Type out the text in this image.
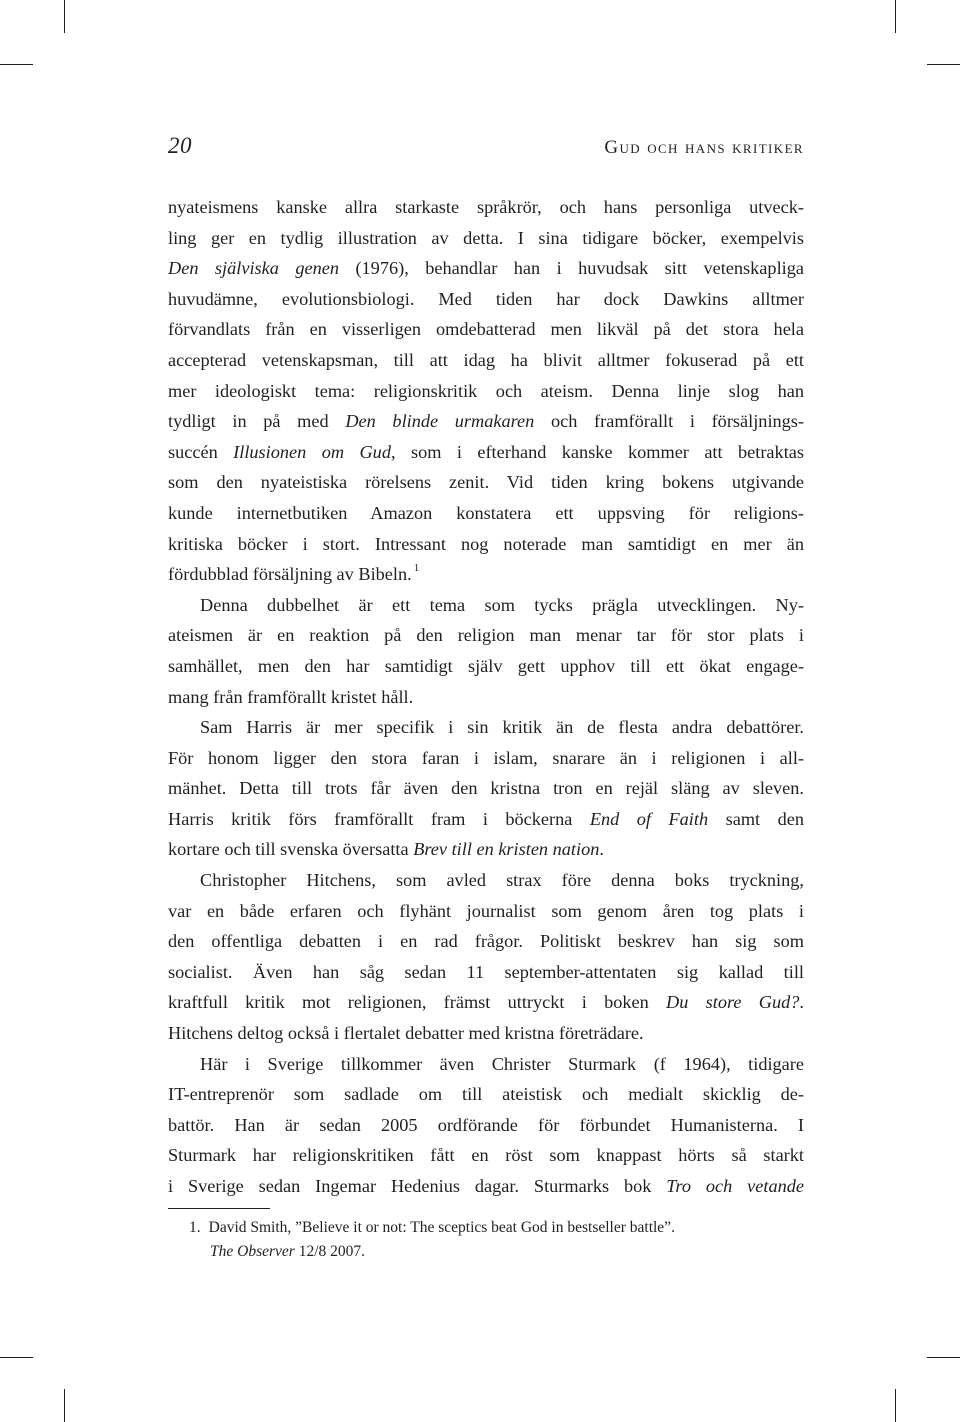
20	Gud och hans kritiker
nyateismens kanske allra starkaste språkrör, och hans personliga utveck-
ling ger en tydlig illustration av detta. I sina tidigare böcker, exempelvis
Den själviska genen (1976), behandlar han i huvudsak sitt vetenskapliga
huvudämne, evolutionsbiologi. Med tiden har dock Dawkins alltmer
förvandlats från en visserligen omdebatterad men likväl på det stora hela
accepterad vetenskapsman, till att idag ha blivit alltmer fokuserad på ett
mer ideologiskt tema: religionskritik och ateism. Denna linje slog han
tydligt in på med Den blinde urmakaren och framförallt i försäljnings-
succén Illusionen om Gud, som i efterhand kanske kommer att betraktas
som den nyateistiska rörelsens zenit. Vid tiden kring bokens utgivande
kunde internetbutiken Amazon konstatera ett uppsving för religions-
kritiska böcker i stort. Intressant nog noterade man samtidigt en mer än
fördubblad försäljning av Bibeln. $^1$
Denna dubbelhet är ett tema som tycks prägla utvecklingen. Ny-
ateismen är en reaktion på den religion man menar tar för stor plats i
samhället, men den har samtidigt själv gett upphov till ett ökat engage-
mang från framförallt kristet håll.
Sam Harris är mer specifik i sin kritik än de flesta andra debattörer.
För honom ligger den stora faran i islam, snarare än i religionen i all-
mänhet. Detta till trots får även den kristna tron en rejäl släng av sleven.
Harris kritik förs framförallt fram i böckerna End of Faith samt den
kortare och till svenska översatta Brev till en kristen nation.
Christopher Hitchens, som avled strax före denna boks tryckning,
var en både erfaren och flyhänt journalist som genom åren tog plats i
den offentliga debatten i en rad frågor. Politiskt beskrev han sig som
socialist. Även han såg sedan 11 september-attentaten sig kallad till
kraftfull kritik mot religionen, främst uttryckt i boken Du store Gud?.
Hitchens deltog också i flertalet debatter med kristna företrädare.
Här i Sverige tillkommer även Christer Sturmark (f 1964), tidigare
IT-entreprenör som sadlade om till ateistisk och medialt skicklig de-
battör. Han är sedan 2005 ordförande för förbundet Humanisterna. I
Sturmark har religionskritiken fått en röst som knappast hörts så starkt
i Sverige sedan Ingemar Hedenius dagar. Sturmarks bok Tro och vetande
1. David Smith, ”Believe it or not: The sceptics beat God in bestseller battle”.
The Observer 12/8 2007.
